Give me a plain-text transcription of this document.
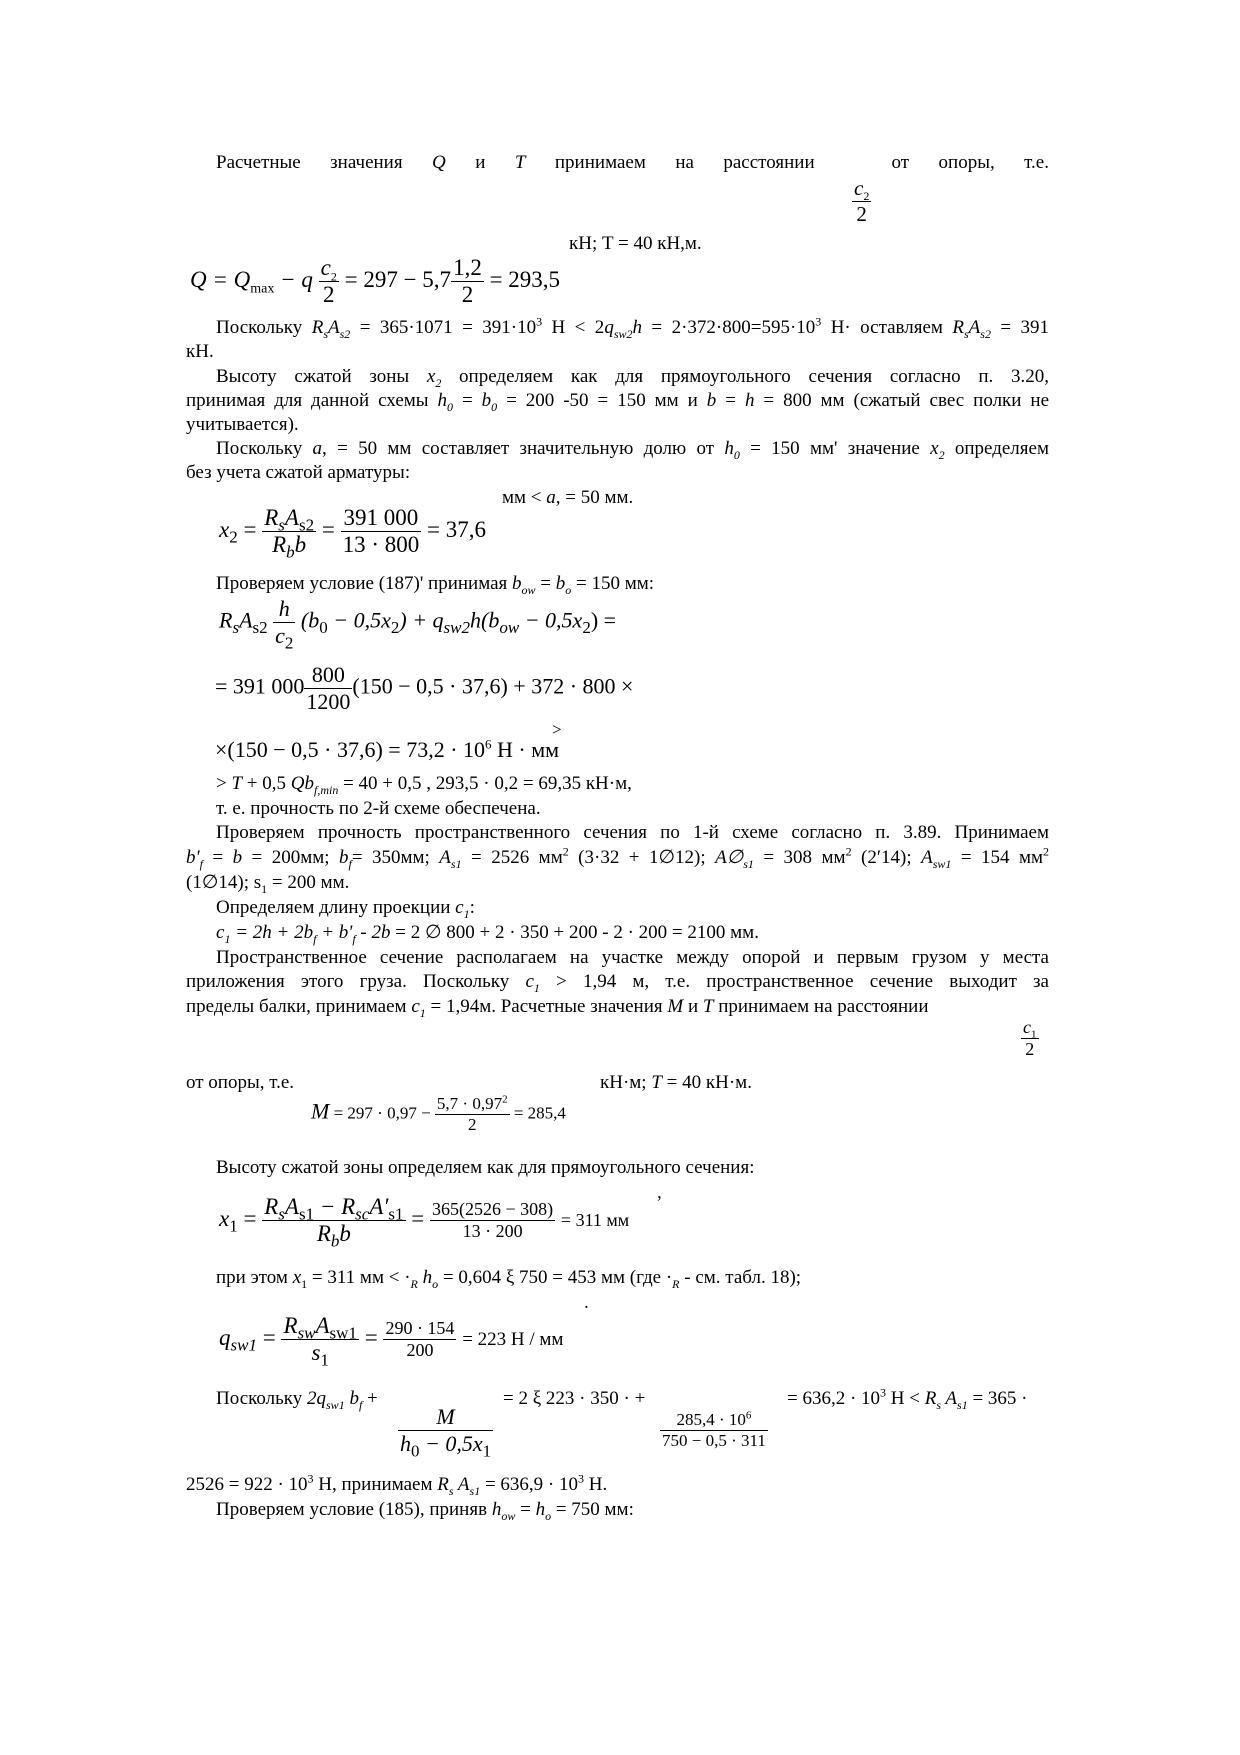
Расчетные значения Q и T принимаем на расстоянии	от опоры, т.е.
$\frac{c_2}{2}$
кН; T = 40 кН,м.
$Q = Q_{max} - q \frac{c_2}{2} = 297 - 5,7 \frac{1,2}{2} = 293,5$
Поскольку $R_sA_{s2} = 365\cdot 1071 = 391\cdot 10^3$ $Н < 2q_{sw2}h = 2\cdot 372\cdot 800=595\cdot 10^3$ Н· оставляем $R_sA_{s2} = 391$
кН.
Высоту сжатой зоны $x_2$ определяем как для прямоугольного сечения согласно п. 3.20,
принимая для данной схемы $h_0 = b_0 = 200$ -50 = 150 мм и b = h = 800 мм (сжатый свес полки не
учитывается).
Поскольку a, = 50 мм составляет значительную долю от $h_0 = 150$ мм' значение $x_2$ определяем
без учета сжатой арматуры:
мм < a, = 50 мм.
$x_2 = \frac{R_sA_{s2}}{R_bb} = \frac{391 000}{13 \cdot 800} = 37,6$
Проверяем условие (187)' принимая $b_{ow} = b_o = 150$ мм:
$R_sA_{s2} \frac{h}{c_2} (b_0 - 0,5x_2) + q_{sw2}h(b_{ow} - 0,5x_2)$ =
= 391 $000 \frac{800}{1200} (150 - 0,5 \cdot 37,6) + 372 \cdot 800$ ×
>
$\times(150 - 0,5 \cdot 37,6) = 73,2 \cdot 10^6$ Н · мм
> T + 0,5 $Qb_{f,min} = 40 + 0,5$ , 293,5 · 0,2 = 69,35 кН·м,
т. е. прочность по 2-й схеме обеспечена.
Проверяем прочность пространственного сечения по 1-й схеме согласно п. 3.89. Принимаем
$b'_f = b = 200мм$; $b_f= 350мм$; $A_{s1} = 2526$ $мм^2$ (3·32 + 1∅12); $A\emptyset_{s1} = 308$ $мм^2$ (2′14); $A_{sw1} = 154$ $мм^2$
(1∅14); $s_1 = 200$ мм.
Определяем длину проекции $c_1$:
$c_1 = 2h + 2b_f + b'_f - 2b = 2$ ∅ 800 + 2 · 350 + 200 - 2 · 200 = 2100 мм.
Пространственное сечение располагаем на участке между опорой и первым грузом у места
приложения этого груза. Поскольку $c_1 > 1,94$ м, т.е. пространственное сечение выходит за
пределы балки, принимаем $c_1 = 1,94м$. Расчетные значения M и T принимаем на расстоянии
$\frac{c_1}{2}$
от опоры, т.е.	кН·м; T = 40 кН·м.
$M = 297 \cdot 0,97 - \frac{5,7 \cdot 0,97^2}{2} = 285,4$
Высоту сжатой зоны определяем как для прямоугольного сечения:
,
$x_1 = \frac{R_sA_{s1} - R_{sc}A'_{s1}}{R_bb} = \frac{365(2526 - 308)}{13 \cdot 200} = 311$ мм
при этом $x_1 = 311$ мм < $\cdot_R$ $h_o = 0,604$ ξ 750 = 453 мм ($где \cdot_R$ - см. табл. 18);
.
$q_{sw1} = \frac{R_{sw}A_{sw1}}{s_1} = \frac{290 \cdot 154}{200} = 223$ Н / мм
Поскольку $2q_{sw1}$ $b_f$ +
$\frac{M}{h_0 - 0,5x_1}$
= 2 ξ 223 · 350 · +
$\frac{285,4 \cdot 10^6}{750 - 0,5 \cdot 311}$
= $636,2 \cdot 10^3$ $Н < R_s$ $A_{s1} = 365$ ·
$2526 = 922 \cdot 10^3$ Н, принимаем $R_s$ $A_{s1} = 636,9 \cdot 10^3$ Н.
Проверяем условие (185), приняв $h_{ow} = h_o = 750$ мм:
